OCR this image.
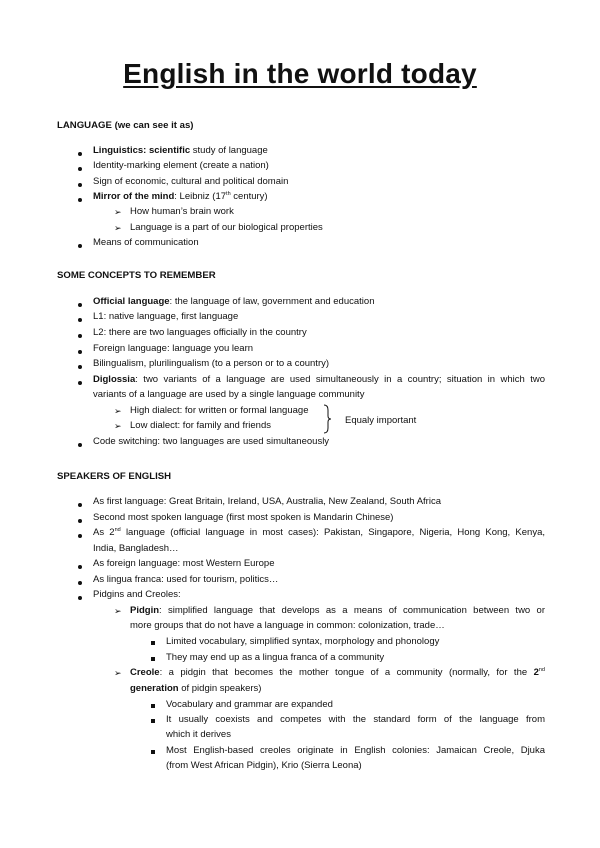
English in the world today
LANGUAGE (we can see it as)
Linguistics: scientific study of language
Identity-marking element (create a nation)
Sign of economic, cultural and political domain
Mirror of the mind: Leibniz (17th century)
➢ How human’s brain work
➢ Language is a part of our biological properties
Means of communication
SOME CONCEPTS TO REMEMBER
Official language: the language of law, government and education
L1: native language, first language
L2: there are two languages officially in the country
Foreign language: language you learn
Bilingualism, plurilingualism (to a person or to a country)
Diglossia: two variants of a language are used simultaneously in a country; situation in which two
variants of a language are used by a single language community
➢ High dialect: for written or formal language
➢ Low dialect: for family and friends	Equaly important
Code switching: two languages are used simultaneously
SPEAKERS OF ENGLISH
As first language: Great Britain, Ireland, USA, Australia, New Zealand, South Africa
Second most spoken language (first most spoken is Mandarin Chinese)
As 2nd language (official language in most cases): Pakistan, Singapore, Nigeria, Hong Kong, Kenya,
India, Bangladesh…
As foreign language: most Western Europe
As lingua franca: used for tourism, politics…
Pidgins and Creoles:
➢ Pidgin: simplified language that develops as a means of communication between two or
more groups that do not have a language in common: colonization, trade…
Limited vocabulary, simplified syntax, morphology and phonology
They may end up as a lingua franca of a community
➢ Creole: a pidgin that becomes the mother tongue of a community (normally, for the 2nd
generation of pidgin speakers)
Vocabulary and grammar are expanded
It usually coexists and competes with the standard form of the language from
which it derives
Most English-based creoles originate in English colonies: Jamaican Creole, Djuka
(from West African Pidgin), Krio (Sierra Leona)
